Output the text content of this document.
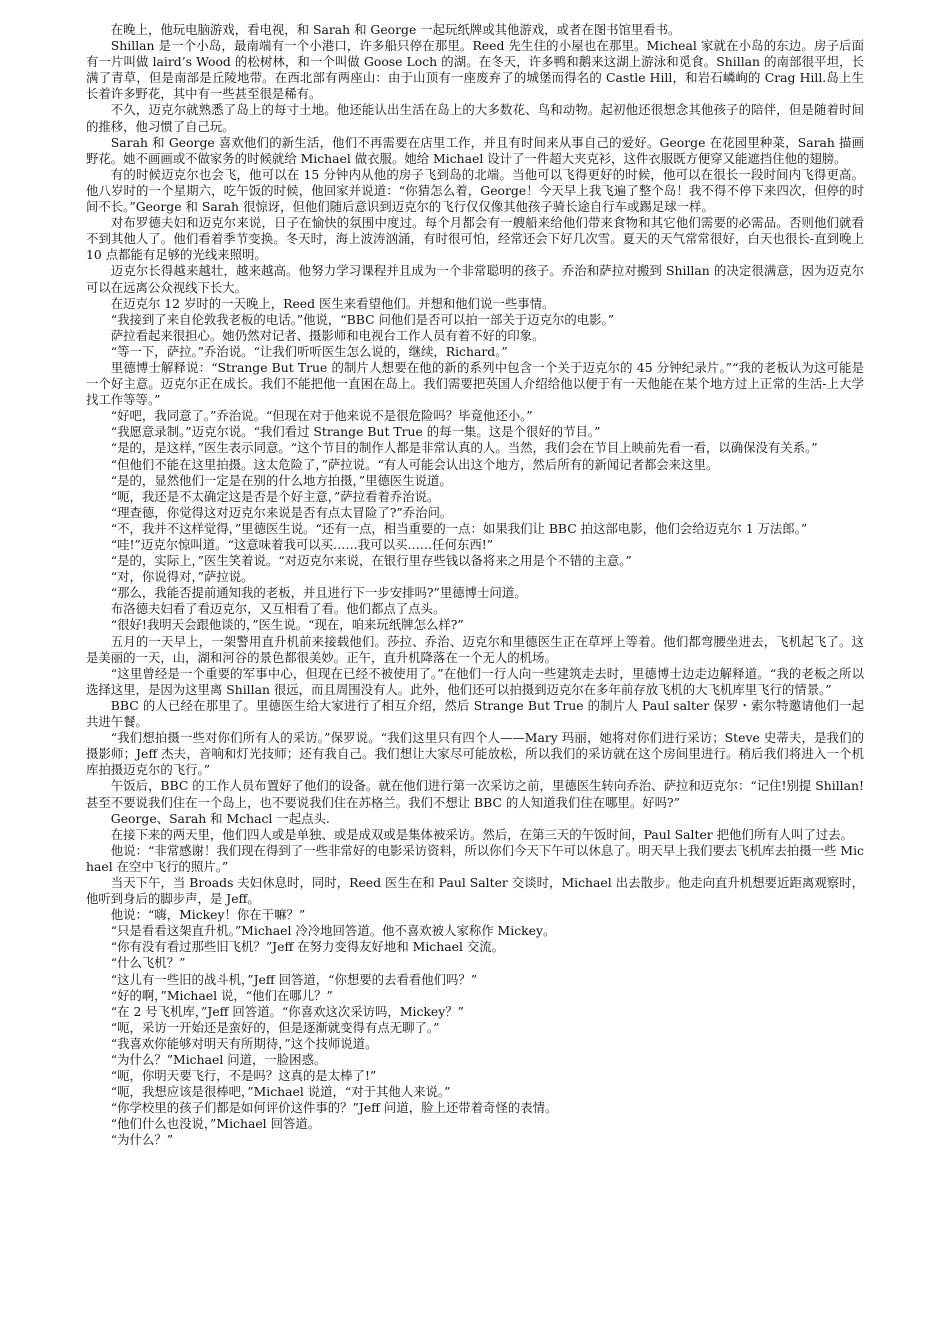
在晚上，他玩电脑游戏，看电视，和 Sarah 和 George 一起玩纸牌或其他游戏，或者在图书馆里看书。

Shillan 是一个小岛，最南端有一个小港口，许多船只停在那里。Reed 先生住的小屋也在那里。Micheal 家就在小岛的东边。房子后面有一片叫做 laird’s Wood 的松树林，和一个叫做 Goose Loch 的湖。在冬天，许多鸭和鹅来这湖上游泳和觅食。Shillan 的南部很平坦，长满了青草，但是南部是丘陵地带。在西北部有两座山：由于山顶有一座废弃了的城堡而得名的 Castle Hill，和岩石嶙峋的 Crag Hill.岛上生长着许多野花，其中有一些甚至很是稀有。

不久，迈克尔就熟悉了岛上的每寸土地。他还能认出生活在岛上的大多数花、鸟和动物。起初他还很想念其他孩子的陪伴，但是随着时间的推移，他习惯了自己玩。

Sarah 和 George 喜欢他们的新生活，他们不再需要在店里工作，并且有时间来从事自己的爱好。George 在花园里种菜，Sarah 描画野花。她不画画或不做家务的时候就给 Michael 做衣服。她给 Michael 设计了一件超大夹克衫，这件衣服既方便穿又能遮挡住他的翅膀。

有的时候迈克尔也会飞，他可以在 15 分钟内从他的房子飞到岛的北端。当他可以飞得更好的时候，他可以在很长一段时间内飞得更高。他八岁时的一个星期六，吃午饭的时候，他回家并说道：“你猜怎么着，George！今天早上我飞遍了整个岛！我不得不停下来四次，但停的时间不长。”George 和 Sarah 很惊讶，但他们随后意识到迈克尔的飞行仅仅像其他孩子骑长途自行车或踢足球一样。

对布罗德夫妇和迈克尔来说，日子在愉快的氛围中度过。每个月都会有一艘船来给他们带来食物和其它他们需要的必需品。否则他们就看不到其他人了。他们看着季节变换。冬天时，海上波涛汹涌，有时很可怕，经常还会下好几次雪。夏天的天气常常很好，白天也很长-直到晚上 10 点都能有足够的光线来照明。

迈克尔长得越来越壮，越来越高。他努力学习课程并且成为一个非常聪明的孩子。乔治和萨拉对搬到 Shillan 的决定很满意，因为迈克尔可以在远离公众视线下长大。

在迈克尔 12 岁时的一天晚上，Reed 医生来看望他们。并想和他们说一些事情。

“我接到了来自伦敦我老板的电话。”他说，“BBC 问他们是否可以拍一部关于迈克尔的电影。”

萨拉看起来很担心。她仍然对记者、摄影师和电视台工作人员有着不好的印象。

“等一下，萨拉。”乔治说。“让我们听听医生怎么说的，继续，Richard。”

里德博士解释说：“Strange But True 的制片人想要在他的新的系列中包含一个关于迈克尔的 45 分钟纪录片。”“我的老板认为这可能是一个好主意。迈克尔正在成长。我们不能把他一直困在岛上。我们需要把英国人介绍给他以便于有一天他能在某个地方过上正常的生活-上大学找工作等等。”

“好吧，我同意了。”乔治说。“但现在对于他来说不是很危险吗？毕竟他还小。”

“我愿意录制。”迈克尔说。“我们看过 Strange But True 的每一集。这是个很好的节目。”

“是的，是这样，”医生表示同意。“这个节目的制作人都是非常认真的人。当然，我们会在节目上映前先看一看，以确保没有关系。”

“但他们不能在这里拍摄。这太危险了，”萨拉说。“有人可能会认出这个地方，然后所有的新闻记者都会来这里。

“是的，显然他们一定是在别的什么地方拍摄，”里德医生说道。

“呃，我还是不太确定这是否是个好主意，”萨拉看着乔治说。

“理查德，你觉得这对迈克尔来说是否有点太冒险了?”乔治问。

“不，我并不这样觉得，”里德医生说。“还有一点，相当重要的一点：如果我们让 BBC 拍这部电影，他们会给迈克尔 1 万法郎。”

“哇!”迈克尔惊叫道。“这意味着我可以买……我可以买……任何东西!”

“是的，实际上，”医生笑着说。“对迈克尔来说，在银行里存些钱以备将来之用是个不错的主意。”

“对，你说得对，”萨拉说。

“那么，我能否提前通知我的老板，并且进行下一步安排吗?”里德博士问道。

布洛德夫妇看了看迈克尔，又互相看了看。他们都点了点头。

“很好!我明天会跟他谈的，”医生说。“现在，咱来玩纸牌怎么样?”

五月的一天早上，一架警用直升机前来接载他们。莎拉、乔治、迈克尔和里德医生正在草坪上等着。他们都弯腰坐进去，飞机起飞了。这是美丽的一天，山，湖和河谷的景色都很美妙。正午，直升机降落在一个无人的机场。

“这里曾经是一个重要的军事中心，但现在已经不被使用了。”在他们一行人向一些建筑走去时，里德博士边走边解释道。“我的老板之所以选择这里，是因为这里离 Shillan 很远，而且周围没有人。此外，他们还可以拍摄到迈克尔在多年前存放飞机的大飞机库里飞行的情景。”

BBC 的人已经在那里了。里德医生给大家进行了相互介绍，然后 Strange But True 的制片人 Paul salter 保罗・索尔特邀请他们一起共进午餐。

“我们想拍摄一些对你们所有人的采访。”保罗说。“我们这里只有四个人——Mary 玛丽，她将对你们进行采访；Steve 史蒂夫，是我们的摄影师；Jeff 杰夫，音响和灯光技师；还有我自己。我们想让大家尽可能放松，所以我们的采访就在这个房间里进行。稍后我们将进入一个机库拍摄迈克尔的飞行。”

午饭后，BBC 的工作人员布置好了他们的设备。就在他们进行第一次采访之前，里德医生转向乔治、萨拉和迈克尔：“记住!别提 Shillan!甚至不要说我们住在一个岛上，也不要说我们住在苏格兰。我们不想让 BBC 的人知道我们住在哪里。好吗?”

George、Sarah 和 Mchacl 一起点头.

在接下来的两天里，他们四人或是单独、或是成双或是集体被采访。然后，在第三天的午饭时间，Paul Salter 把他们所有人叫了过去。

他说：“非常感谢！我们现在得到了一些非常好的电影采访资料，所以你们今天下午可以休息了。明天早上我们要去飞机库去拍摄一些 Michael 在空中飞行的照片。”

当天下午，当 Broads 夫妇休息时，同时，Reed 医生在和 Paul Salter 交谈时，Michael 出去散步。他走向直升机想要近距离观察时，他听到身后的脚步声，是 Jeff。

他说：“嗨，Mickey！你在干嘛？”

“只是看看这架直升机。”Michael 冷冷地回答道。他不喜欢被人家称作 Mickey。

“你有没有看过那些旧飞机？”Jeff 在努力变得友好地和 Michael 交流。

“什么飞机？”

“这儿有一些旧的战斗机，”Jeff 回答道，“你想要的去看看他们吗？”

“好的啊，”Michael 说，“他们在哪儿？”

“在 2 号飞机库，”Jeff 回答道。“你喜欢这次采访吗，Mickey？”

“呃，采访一开始还是蛮好的，但是逐渐就变得有点无聊了。”

“我喜欢你能够对明天有所期待，”这个技师说道。

“为什么？”Michael 问道，一脸困惑。

“呃，你明天要飞行，不是吗？这真的是太棒了!”

“呃，我想应该是很棒吧，”Michael 说道，“对于其他人来说。”

“你学校里的孩子们都是如何评价这件事的？”Jeff 问道，脸上还带着奇怪的表情。

“他们什么也没说，”Michael 回答道。

“为什么？”
